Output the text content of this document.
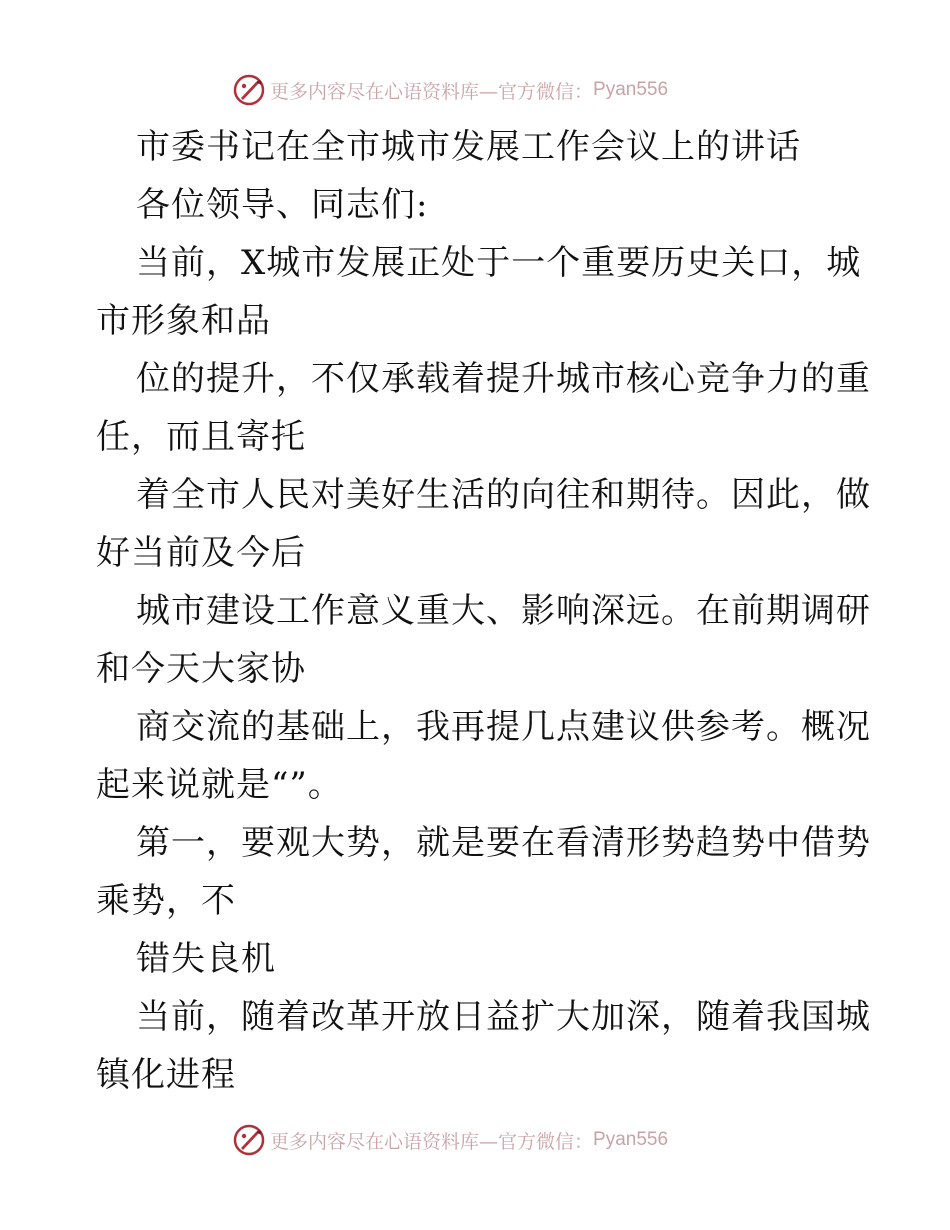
更多内容尽在心语资料库—官方微信： Pyan556
市委书记在全市城市发展工作会议上的讲话
各位领导、同志们:
当前，X城市发展正处于一个重要历史关口，城
市形象和品
位的提升，不仅承载着提升城市核心竞争力的重
任，而且寄托
着全市人民对美好生活的向往和期待。因此，做
好当前及今后
城市建设工作意义重大、影响深远。在前期调研
和今天大家协
商交流的基础上，我再提几点建议供参考。概况
起来说就是“”。
第一，要观大势，就是要在看清形势趋势中借势
乘势，不
错失良机
当前，随着改革开放日益扩大加深，随着我国城
镇化进程
更多内容尽在心语资料库—官方微信： Pyan556
